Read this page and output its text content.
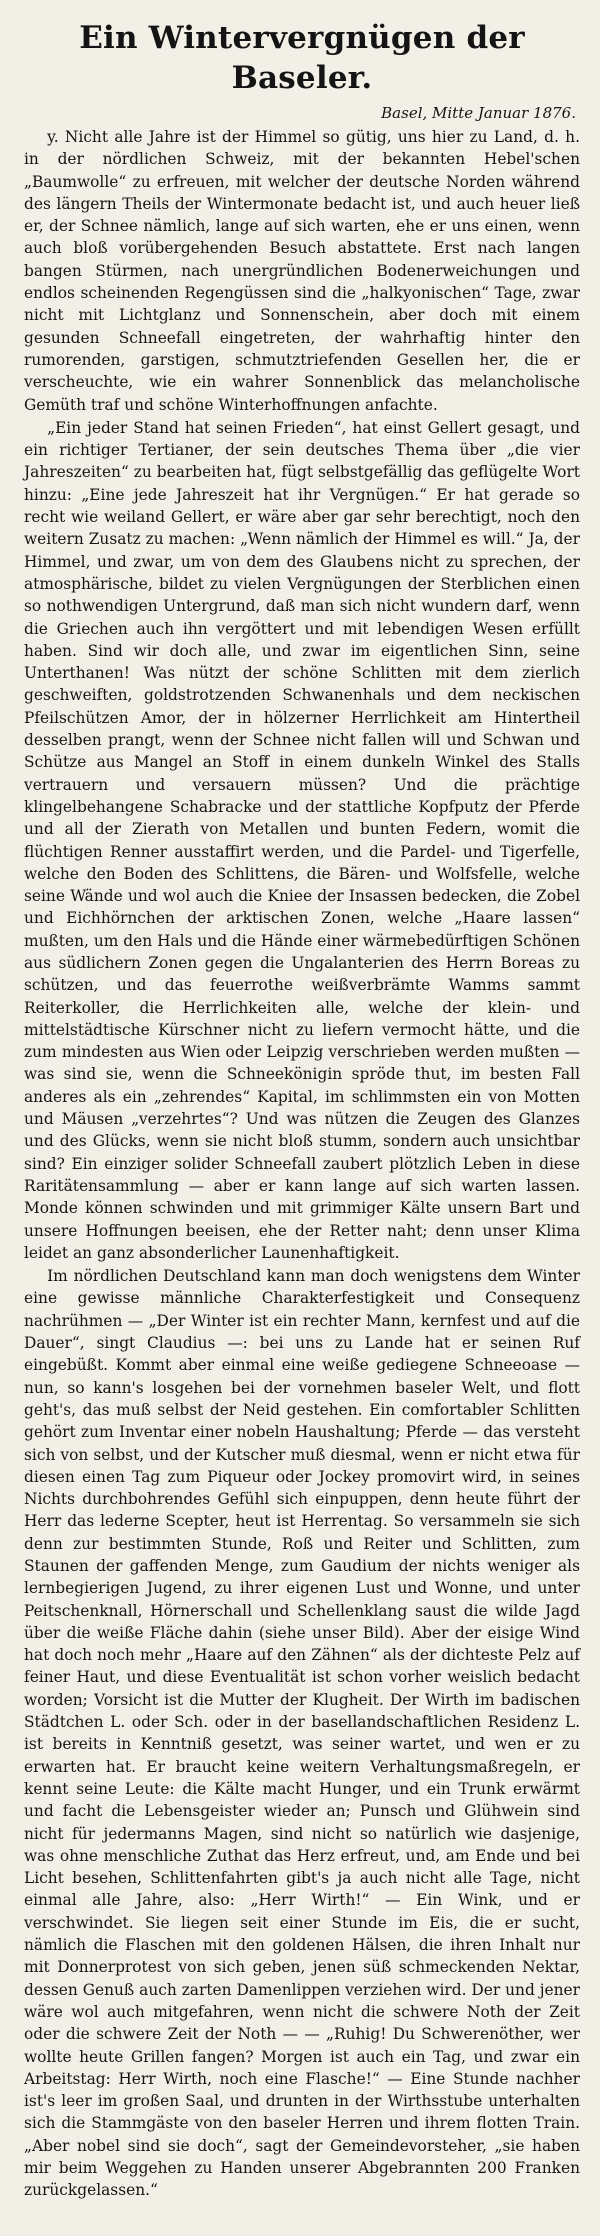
Ein Wintervergnügen der Baseler.
Basel, Mitte Januar 1876.

y. Nicht alle Jahre ist der Himmel so gütig, uns hier zu Land, d. h. in der nördlichen Schweiz, mit der bekannten Hebel'schen „Baumwolle“ zu erfreuen, mit welcher der deutsche Norden während des längern Theils der Wintermonate bedacht ist, und auch heuer ließ er, der Schnee nämlich, lange auf sich warten, ehe er uns einen, wenn auch bloß vorübergehenden Besuch abstattete. Erst nach langen bangen Stürmen, nach unergründlichen Bodenerweichungen und endlos scheinenden Regengüssen sind die „halkyonischen“ Tage, zwar nicht mit Lichtglanz und Sonnenschein, aber doch mit einem gesunden Schneefall eingetreten, der wahrhaftig hinter den rumorenden, garstigen, schmutztriefenden Gesellen her, die er verscheuchte, wie ein wahrer Sonnenblick das melancholische Gemüth traf und schöne Winterhoffnungen anfachte.

„Ein jeder Stand hat seinen Frieden“, hat einst Gellert gesagt, und ein richtiger Tertianer, der sein deutsches Thema über „die vier Jahreszeiten“ zu bearbeiten hat, fügt selbstgefällig das geflügelte Wort hinzu: „Eine jede Jahreszeit hat ihr Vergnügen.“ Er hat gerade so recht wie weiland Gellert, er wäre aber gar sehr berechtigt, noch den weitern Zusatz zu machen: „Wenn nämlich der Himmel es will.“ Ja, der Himmel, und zwar, um von dem des Glaubens nicht zu sprechen, der atmosphärische, bildet zu vielen Vergnügungen der Sterblichen einen so nothwendigen Untergrund, daß man sich nicht wundern darf, wenn die Griechen auch ihn vergöttert und mit lebendigen Wesen erfüllt haben. Sind wir doch alle, und zwar im eigentlichen Sinn, seine Unterthanen! Was nützt der schöne Schlitten mit dem zierlich geschweiften, goldstrotzenden Schwanenhals und dem neckischen Pfeilschützen Amor, der in hölzerner Herrlichkeit am Hintertheil desselben prangt, wenn der Schnee nicht fallen will und Schwan und Schütze aus Mangel an Stoff in einem dunkeln Winkel des Stalls vertrauern und versauern müssen? Und die prächtige klingelbehangene Schabracke und der stattliche Kopfputz der Pferde und all der Zierath von Metallen und bunten Federn, womit die flüchtigen Renner ausstaffirt werden, und die Pardel- und Tigerfelle, welche den Boden des Schlittens, die Bären- und Wolfsfelle, welche seine Wände und wol auch die Kniee der Insassen bedecken, die Zobel und Eichhörnchen der arktischen Zonen, welche „Haare lassen“ mußten, um den Hals und die Hände einer wärmebedürftigen Schönen aus südlichern Zonen gegen die Ungalanterien des Herrn Boreas zu schützen, und das feuerrothe weißverbrämte Wamms sammt Reiterkoller, die Herrlichkeiten alle, welche der klein- und mittelstädtische Kürschner nicht zu liefern vermocht hätte, und die zum mindesten aus Wien oder Leipzig verschrieben werden mußten — was sind sie, wenn die Schneekönigin spröde thut, im besten Fall anderes als ein „zehrendes“ Kapital, im schlimmsten ein von Motten und Mäusen „verzehrtes“? Und was nützen die Zeugen des Glanzes und des Glücks, wenn sie nicht bloß stumm, sondern auch unsichtbar sind? Ein einziger solider Schneefall zaubert plötzlich Leben in diese Raritätensammlung — aber er kann lange auf sich warten lassen. Monde können schwinden und mit grimmiger Kälte unsern Bart und unsere Hoffnungen beeisen, ehe der Retter naht; denn unser Klima leidet an ganz absonderlicher Launenhaftigkeit.

Im nördlichen Deutschland kann man doch wenigstens dem Winter eine gewisse männliche Charakterfestigkeit und Consequenz nachrühmen — „Der Winter ist ein rechter Mann, kernfest und auf die Dauer“, singt Claudius —: bei uns zu Lande hat er seinen Ruf eingebüßt. Kommt aber einmal eine weiße gediegene Schneeoase — nun, so kann's losgehen bei der vornehmen baseler Welt, und flott geht's, das muß selbst der Neid gestehen. Ein comfortabler Schlitten gehört zum Inventar einer nobeln Haushaltung; Pferde — das versteht sich von selbst, und der Kutscher muß diesmal, wenn er nicht etwa für diesen einen Tag zum Piqueur oder Jockey promovirt wird, in seines Nichts durchbohrendes Gefühl sich einpuppen, denn heute führt der Herr das lederne Scepter, heut ist Herrentag. So versammeln sie sich denn zur bestimmten Stunde, Roß und Reiter und Schlitten, zum Staunen der gaffenden Menge, zum Gaudium der nichts weniger als lernbegierigen Jugend, zu ihrer eigenen Lust und Wonne, und unter Peitschenknall, Hörnerschall und Schellenklang saust die wilde Jagd über die weiße Fläche dahin (siehe unser Bild). Aber der eisige Wind hat doch noch mehr „Haare auf den Zähnen“ als der dichteste Pelz auf feiner Haut, und diese Eventualität ist schon vorher weislich bedacht worden; Vorsicht ist die Mutter der Klugheit. Der Wirth im badischen Städtchen L. oder Sch. oder in der basellandschaftlichen Residenz L. ist bereits in Kenntniß gesetzt, was seiner wartet, und wen er zu erwarten hat. Er braucht keine weitern Verhaltungsmaßregeln, er kennt seine Leute: die Kälte macht Hunger, und ein Trunk erwärmt und facht die Lebensgeister wieder an; Punsch und Glühwein sind nicht für jedermanns Magen, sind nicht so natürlich wie dasjenige, was ohne menschliche Zuthat das Herz erfreut, und, am Ende und bei Licht besehen, Schlittenfahrten gibt's ja auch nicht alle Tage, nicht einmal alle Jahre, also: „Herr Wirth!“ — Ein Wink, und er verschwindet. Sie liegen seit einer Stunde im Eis, die er sucht, nämlich die Flaschen mit den goldenen Hälsen, die ihren Inhalt nur mit Donnerprotest von sich geben, jenen süß schmeckenden Nektar, dessen Genuß auch zarten Damenlippen verziehen wird. Der und jener wäre wol auch mitgefahren, wenn nicht die schwere Noth der Zeit oder die schwere Zeit der Noth — — „Ruhig! Du Schwerenöther, wer wollte heute Grillen fangen? Morgen ist auch ein Tag, und zwar ein Arbeitstag: Herr Wirth, noch eine Flasche!“ — Eine Stunde nachher ist's leer im großen Saal, und drunten in der Wirthsstube unterhalten sich die Stammgäste von den baseler Herren und ihrem flotten Train. „Aber nobel sind sie doch“, sagt der Gemeindevorsteher, „sie haben mir beim Weggehen zu Handen unserer Abgebrannten 200 Franken zurückgelassen.“
